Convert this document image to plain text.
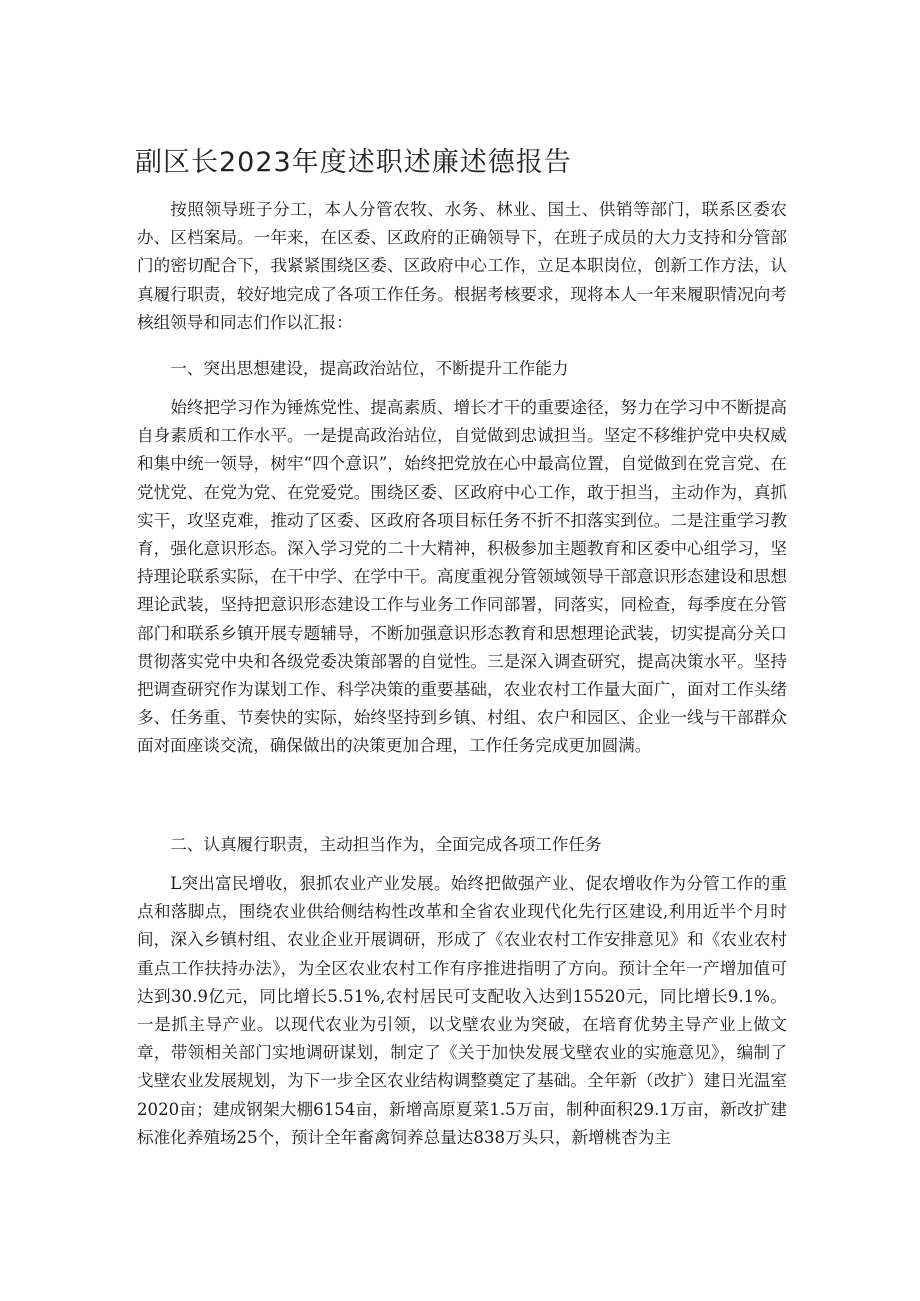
副区长2023年度述职述廉述德报告

按照领导班子分工，本人分管农牧、水务、林业、国土、供销等部门，联系区委农办、区档案局。一年来，在区委、区政府的正确领导下，在班子成员的大力支持和分管部门的密切配合下，我紧紧围绕区委、区政府中心工作，立足本职岗位，创新工作方法，认真履行职责，较好地完成了各项工作任务。根据考核要求，现将本人一年来履职情况向考核组领导和同志们作以汇报：

一、突出思想建设，提高政治站位，不断提升工作能力

始终把学习作为锤炼党性、提高素质、增长才干的重要途径，努力在学习中不断提高自身素质和工作水平。一是提高政治站位，自觉做到忠诚担当。坚定不移维护党中央权威和集中统一领导，树牢“四个意识”，始终把党放在心中最高位置，自觉做到在党言党、在党忧党、在党为党、在党爱党。围绕区委、区政府中心工作，敢于担当，主动作为，真抓实干，攻坚克难，推动了区委、区政府各项目标任务不折不扣落实到位。二是注重学习教育，强化意识形态。深入学习党的二十大精神，积极参加主题教育和区委中心组学习，坚持理论联系实际，在干中学、在学中干。高度重视分管领域领导干部意识形态建设和思想理论武装，坚持把意识形态建设工作与业务工作同部署，同落实，同检查，每季度在分管部门和联系乡镇开展专题辅导，不断加强意识形态教育和思想理论武装，切实提高分关口贯彻落实党中央和各级党委决策部署的自觉性。三是深入调查研究，提高决策水平。坚持把调查研究作为谋划工作、科学决策的重要基础，农业农村工作量大面广，面对工作头绪多、任务重、节奏快的实际，始终坚持到乡镇、村组、农户和园区、企业一线与干部群众面对面座谈交流，确保做出的决策更加合理，工作任务完成更加圆满。

二、认真履行职责，主动担当作为，全面完成各项工作任务

L突出富民增收，狠抓农业产业发展。始终把做强产业、促农增收作为分管工作的重点和落脚点，围绕农业供给侧结构性改革和全省农业现代化先行区建设,利用近半个月时间，深入乡镇村组、农业企业开展调研，形成了《农业农村工作安排意见》和《农业农村重点工作扶持办法》，为全区农业农村工作有序推进指明了方向。预计全年一产增加值可达到30.9亿元，同比增长5.51%,农村居民可支配收入达到15520元，同比增长9.1%。一是抓主导产业。以现代农业为引领，以戈壁农业为突破，在培育优势主导产业上做文章，带领相关部门实地调研谋划，制定了《关于加快发展戈壁农业的实施意见》，编制了戈壁农业发展规划，为下一步全区农业结构调整奠定了基础。全年新（改扩）建日光温室2020亩；建成钢架大棚6154亩，新增高原夏菜1.5万亩，制种面积29.1万亩，新改扩建标准化养殖场25个，预计全年畜禽饲养总量达838万头只，新增桃杏为主
